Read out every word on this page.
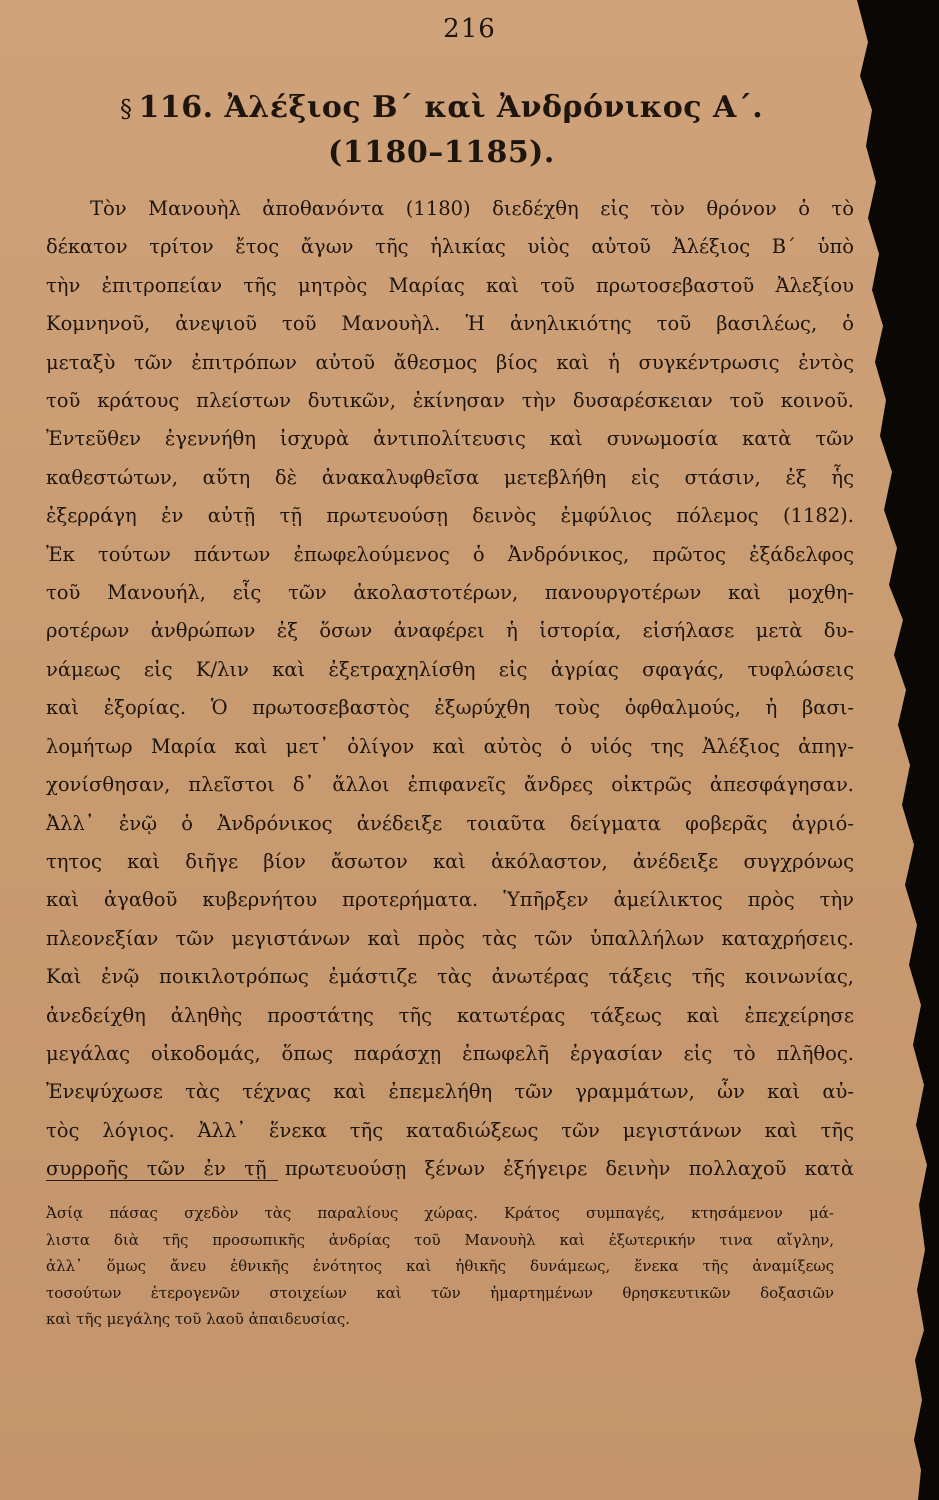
216
§ 116. Ἀλέξιος Β΄ καὶ Ἀνδρόνικος Α΄.
(1180–1185).

Τὸν Μανουὴλ ἀποθανόντα (1180) διεδέχθη εἰς τὸν θρόνον ὁ τὸ

δέκατον τρίτον ἔτος ἄγων τῆς ἡλικίας υἱὸς αὐτοῦ Ἀλέξιος Β΄ ὑπὸ

τὴν ἐπιτροπείαν τῆς μητρὸς Μαρίας καὶ τοῦ πρωτοσεβαστοῦ Ἀλεξίου

Κομνηνοῦ, ἀνεψιοῦ τοῦ Μανουὴλ. Ἡ ἀνηλικιότης τοῦ βασιλέως, ὁ

μεταξὺ τῶν ἐπιτρόπων αὐτοῦ ἄθεσμος βίος καὶ ἡ συγκέντρωσις ἐντὸς

τοῦ κράτους πλείστων δυτικῶν, ἐκίνησαν τὴν δυσαρέσκειαν τοῦ κοινοῦ.

Ἐντεῦθεν ἐγεννήθη ἰσχυρὰ ἀντιπολίτευσις καὶ συνωμοσία κατὰ τῶν

καθεστώτων, αὕτη δὲ ἀνακαλυφθεῖσα μετεβλήθη εἰς στάσιν, ἐξ ἧς

ἐξερράγη ἐν αὐτῇ τῇ πρωτευούσῃ δεινὸς ἐμφύλιος πόλεμος (1182).

Ἐκ τούτων πάντων ἐπωφελούμενος ὁ Ἀνδρόνικος, πρῶτος ἐξάδελφος

τοῦ Μανουήλ, εἷς τῶν ἀκολαστοτέρων, πανουργοτέρων καὶ μοχθη-

ροτέρων ἀνθρώπων ἐξ ὅσων ἀναφέρει ἡ ἱστορία, εἰσήλασε μετὰ δυ-

νάμεως εἰς Κ/λιν καὶ ἐξετραχηλίσθη εἰς ἀγρίας σφαγάς, τυφλώσεις

καὶ ἐξορίας. Ὁ πρωτοσεβαστὸς ἐξωρύχθη τοὺς ὀφθαλμούς, ἡ βασι-

λομήτωρ Μαρία καὶ μετ᾽ ὀλίγον καὶ αὐτὸς ὁ υἱός της Ἀλέξιος ἀπηγ-

χονίσθησαν, πλεῖστοι δ᾽ ἄλλοι ἐπιφανεῖς ἄνδρες οἰκτρῶς ἀπεσφάγησαν.

Ἀλλ᾽ ἐνῷ ὁ Ἀνδρόνικος ἀνέδειξε τοιαῦτα δείγματα φοβερᾶς ἀγριό-

τητος καὶ διῆγε βίον ἄσωτον καὶ ἀκόλαστον, ἀνέδειξε συγχρόνως

καὶ ἀγαθοῦ κυβερνήτου προτερήματα. Ὑπῆρξεν ἀμείλικτος πρὸς τὴν

πλεονεξίαν τῶν μεγιστάνων καὶ πρὸς τὰς τῶν ὑπαλλήλων καταχρήσεις.

Καὶ ἐνῷ ποικιλοτρόπως ἐμάστιζε τὰς ἀνωτέρας τάξεις τῆς κοινωνίας,

ἀνεδείχθη ἀληθὴς προστάτης τῆς κατωτέρας τάξεως καὶ ἐπεχείρησε

μεγάλας οἰκοδομάς, ὅπως παράσχῃ ἐπωφελῆ ἐργασίαν εἰς τὸ πλῆθος.

Ἐνεψύχωσε τὰς τέχνας καὶ ἐπεμελήθη τῶν γραμμάτων, ὧν καὶ αὐ-

τὸς λόγιος. Ἀλλ᾽ ἕνεκα τῆς καταδιώξεως τῶν μεγιστάνων καὶ τῆς

συρροῆς τῶν ἐν τῇ πρωτευούσῃ ξένων ἐξήγειρε δεινὴν πολλαχοῦ κατὰ

Ἀσίᾳ πάσας σχεδὸν τὰς παραλίους χώρας. Κράτος συμπαγές, κτησάμενον μά-

λιστα διὰ τῆς προσωπικῆς ἀνδρίας τοῦ Μανουὴλ καὶ ἐξωτερικήν τινα αἴγλην,

ἀλλ᾽ ὅμως ἄνευ ἐθνικῆς ἑνότητος καὶ ἠθικῆς δυνάμεως, ἕνεκα τῆς ἀναμίξεως

τοσούτων ἑτερογενῶν στοιχείων καὶ τῶν ἡμαρτημένων θρησκευτικῶν δοξασιῶν

καὶ τῆς μεγάλης τοῦ λαοῦ ἀπαιδευσίας.
